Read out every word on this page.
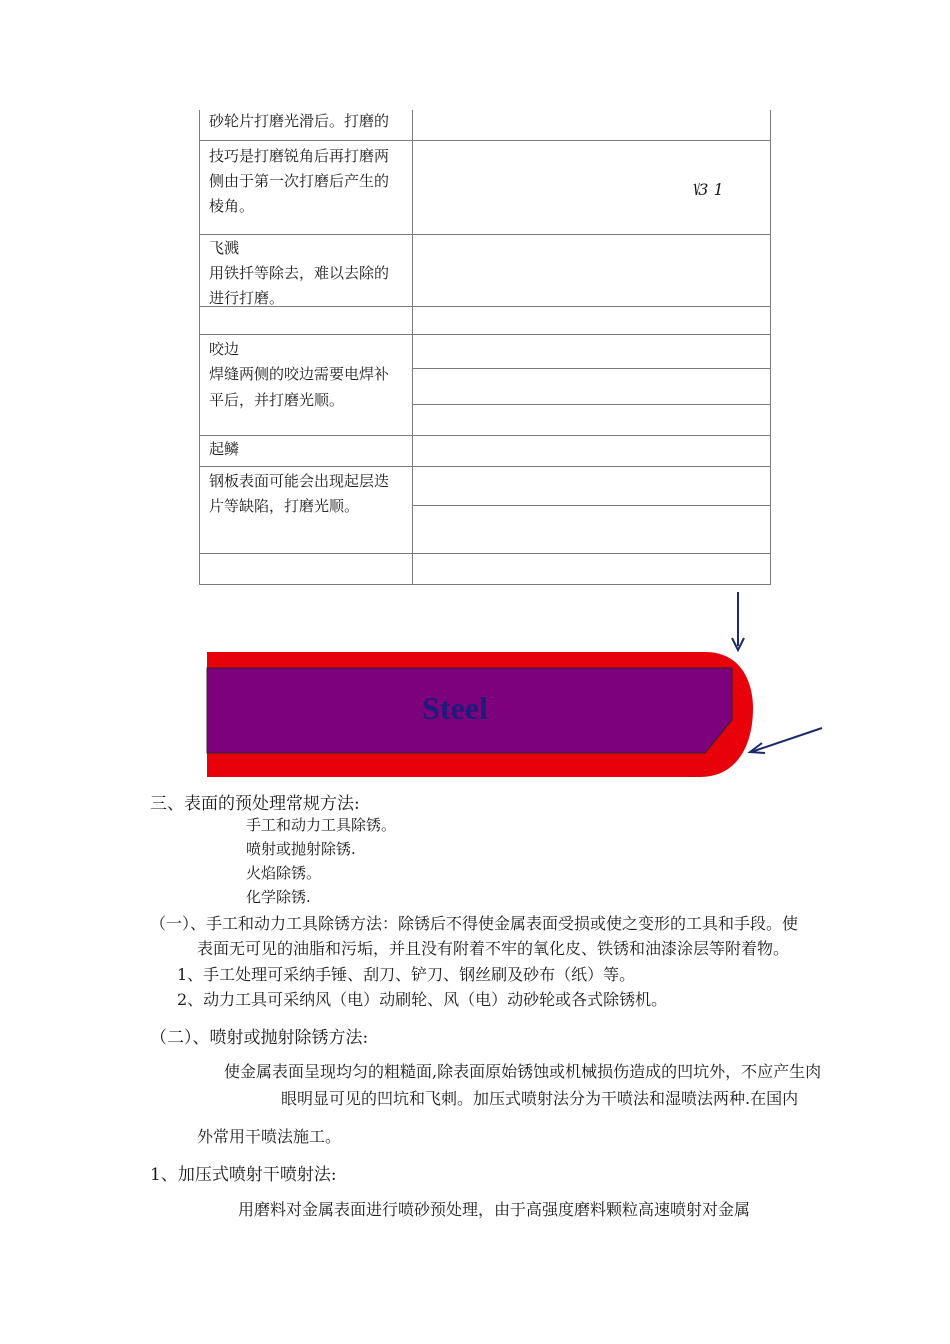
砂轮片打磨光滑后。打磨的
技巧是打磨锐角后再打磨两
侧由于第一次打磨后产生的
棱角。
⎷3 1
飞溅
用铁扦等除去，难以去除的
进行打磨。
咬边
焊缝两侧的咬边需要电焊补
平后，并打磨光顺。
起鳞
钢板表面可能会出现起层迭
片等缺陷，打磨光顺。
Steel
三、表面的预处理常规方法:
手工和动力工具除锈。
喷射或抛射除锈.
火焰除锈。
化学除锈.
（一）、手工和动力工具除锈方法：除锈后不得使金属表面受损或使之变形的工具和手段。使
表面无可见的油脂和污垢，并且没有附着不牢的氧化皮、铁锈和油漆涂层等附着物。
1、手工处理可采纳手锤、刮刀、铲刀、钢丝刷及砂布（纸）等。
2、动力工具可采纳风（电）动刷轮、风（电）动砂轮或各式除锈机。
（二）、喷射或抛射除锈方法:
使金属表面呈现均匀的粗糙面,除表面原始锈蚀或机械损伤造成的凹坑外，不应产生肉
眼明显可见的凹坑和飞刺。加压式喷射法分为干喷法和湿喷法两种.在国内
外常用干喷法施工。
1、加压式喷射干喷射法:
用磨料对金属表面进行喷砂预处理，由于高强度磨料颗粒高速喷射对金属
